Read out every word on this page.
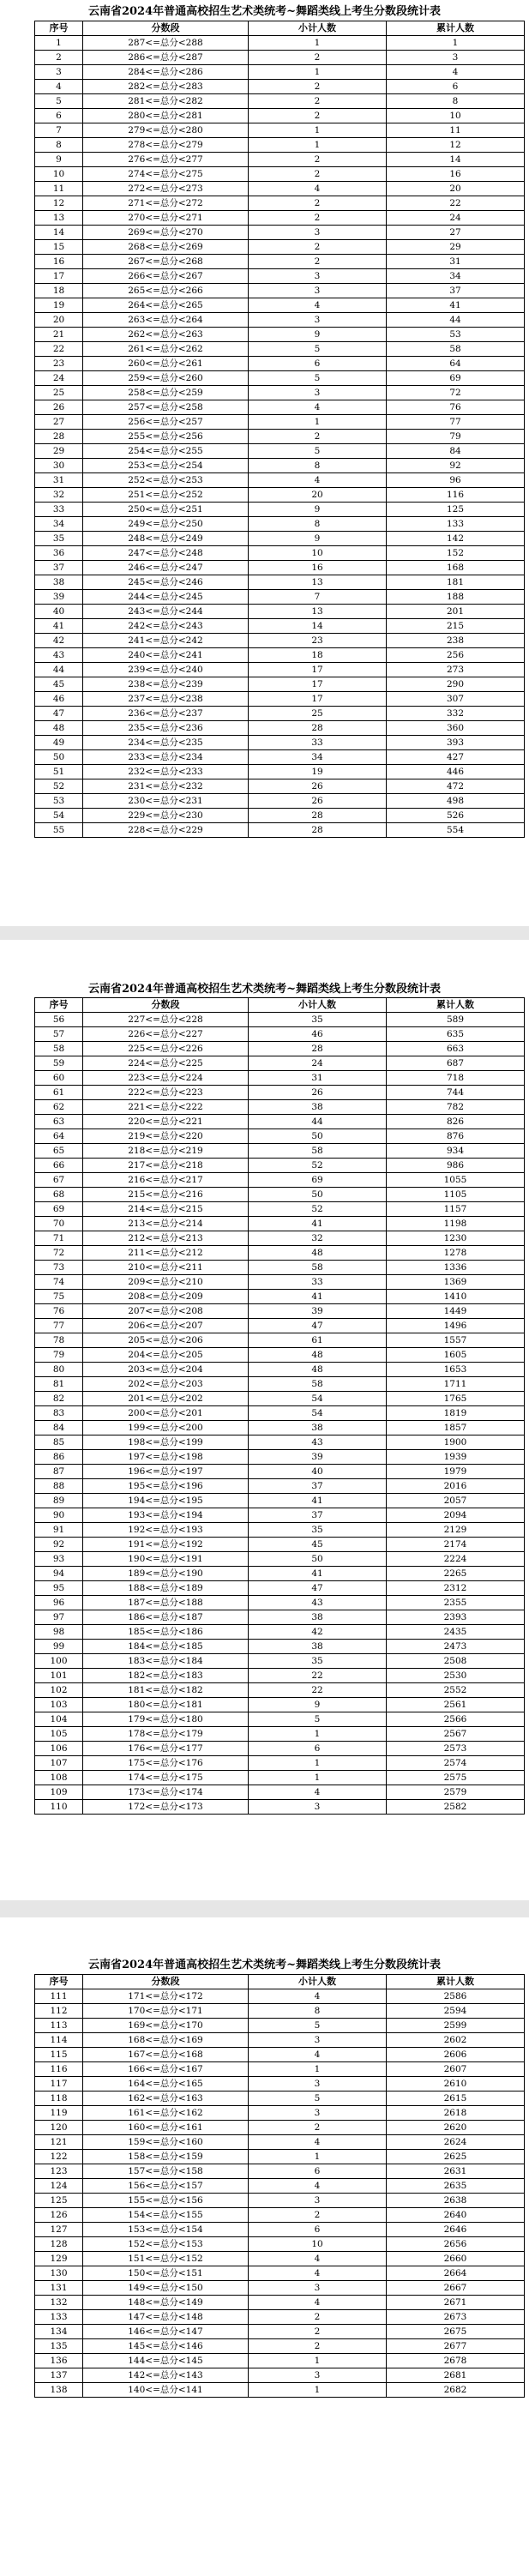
云南省2024年普通高校招生艺术类统考~舞蹈类线上考生分数段统计表
序号	分数段	小计人数	累计人数
1	287<=总分<288	1	1
2	286<=总分<287	2	3
3	284<=总分<286	1	4
4	282<=总分<283	2	6
5	281<=总分<282	2	8
6	280<=总分<281	2	10
7	279<=总分<280	1	11
8	278<=总分<279	1	12
9	276<=总分<277	2	14
10	274<=总分<275	2	16
11	272<=总分<273	4	20
12	271<=总分<272	2	22
13	270<=总分<271	2	24
14	269<=总分<270	3	27
15	268<=总分<269	2	29
16	267<=总分<268	2	31
17	266<=总分<267	3	34
18	265<=总分<266	3	37
19	264<=总分<265	4	41
20	263<=总分<264	3	44
21	262<=总分<263	9	53
22	261<=总分<262	5	58
23	260<=总分<261	6	64
24	259<=总分<260	5	69
25	258<=总分<259	3	72
26	257<=总分<258	4	76
27	256<=总分<257	1	77
28	255<=总分<256	2	79
29	254<=总分<255	5	84
30	253<=总分<254	8	92
31	252<=总分<253	4	96
32	251<=总分<252	20	116
33	250<=总分<251	9	125
34	249<=总分<250	8	133
35	248<=总分<249	9	142
36	247<=总分<248	10	152
37	246<=总分<247	16	168
38	245<=总分<246	13	181
39	244<=总分<245	7	188
40	243<=总分<244	13	201
41	242<=总分<243	14	215
42	241<=总分<242	23	238
43	240<=总分<241	18	256
44	239<=总分<240	17	273
45	238<=总分<239	17	290
46	237<=总分<238	17	307
47	236<=总分<237	25	332
48	235<=总分<236	28	360
49	234<=总分<235	33	393
50	233<=总分<234	34	427
51	232<=总分<233	19	446
52	231<=总分<232	26	472
53	230<=总分<231	26	498
54	229<=总分<230	28	526
55	228<=总分<229	28	554
云南省2024年普通高校招生艺术类统考~舞蹈类线上考生分数段统计表
序号	分数段	小计人数	累计人数
56	227<=总分<228	35	589
57	226<=总分<227	46	635
58	225<=总分<226	28	663
59	224<=总分<225	24	687
60	223<=总分<224	31	718
61	222<=总分<223	26	744
62	221<=总分<222	38	782
63	220<=总分<221	44	826
64	219<=总分<220	50	876
65	218<=总分<219	58	934
66	217<=总分<218	52	986
67	216<=总分<217	69	1055
68	215<=总分<216	50	1105
69	214<=总分<215	52	1157
70	213<=总分<214	41	1198
71	212<=总分<213	32	1230
72	211<=总分<212	48	1278
73	210<=总分<211	58	1336
74	209<=总分<210	33	1369
75	208<=总分<209	41	1410
76	207<=总分<208	39	1449
77	206<=总分<207	47	1496
78	205<=总分<206	61	1557
79	204<=总分<205	48	1605
80	203<=总分<204	48	1653
81	202<=总分<203	58	1711
82	201<=总分<202	54	1765
83	200<=总分<201	54	1819
84	199<=总分<200	38	1857
85	198<=总分<199	43	1900
86	197<=总分<198	39	1939
87	196<=总分<197	40	1979
88	195<=总分<196	37	2016
89	194<=总分<195	41	2057
90	193<=总分<194	37	2094
91	192<=总分<193	35	2129
92	191<=总分<192	45	2174
93	190<=总分<191	50	2224
94	189<=总分<190	41	2265
95	188<=总分<189	47	2312
96	187<=总分<188	43	2355
97	186<=总分<187	38	2393
98	185<=总分<186	42	2435
99	184<=总分<185	38	2473
100	183<=总分<184	35	2508
101	182<=总分<183	22	2530
102	181<=总分<182	22	2552
103	180<=总分<181	9	2561
104	179<=总分<180	5	2566
105	178<=总分<179	1	2567
106	176<=总分<177	6	2573
107	175<=总分<176	1	2574
108	174<=总分<175	1	2575
109	173<=总分<174	4	2579
110	172<=总分<173	3	2582
云南省2024年普通高校招生艺术类统考~舞蹈类线上考生分数段统计表
序号	分数段	小计人数	累计人数
111	171<=总分<172	4	2586
112	170<=总分<171	8	2594
113	169<=总分<170	5	2599
114	168<=总分<169	3	2602
115	167<=总分<168	4	2606
116	166<=总分<167	1	2607
117	164<=总分<165	3	2610
118	162<=总分<163	5	2615
119	161<=总分<162	3	2618
120	160<=总分<161	2	2620
121	159<=总分<160	4	2624
122	158<=总分<159	1	2625
123	157<=总分<158	6	2631
124	156<=总分<157	4	2635
125	155<=总分<156	3	2638
126	154<=总分<155	2	2640
127	153<=总分<154	6	2646
128	152<=总分<153	10	2656
129	151<=总分<152	4	2660
130	150<=总分<151	4	2664
131	149<=总分<150	3	2667
132	148<=总分<149	4	2671
133	147<=总分<148	2	2673
134	146<=总分<147	2	2675
135	145<=总分<146	2	2677
136	144<=总分<145	1	2678
137	142<=总分<143	3	2681
138	140<=总分<141	1	2682
